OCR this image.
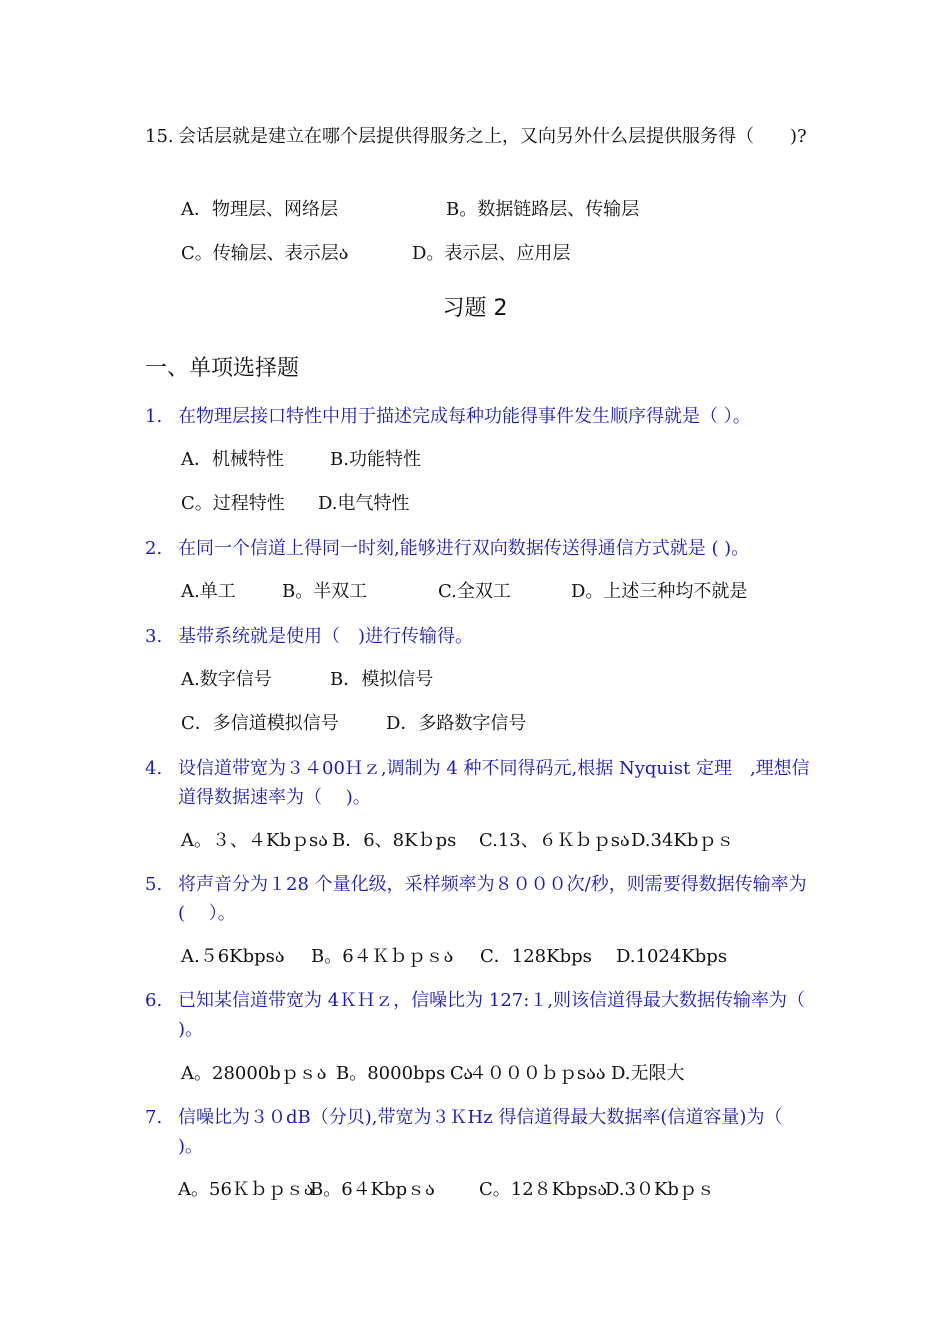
15. 会话层就是建立在哪个层提供得服务之上，又向另外什么层提供服务得（　　)?
A．物理层、网络层	B。数据链路层、传输层
C。传输层、表示层ა	D。表示层、应用层
习题 2
一、单项选择题
1. 在物理层接口特性中用于描述完成每种功能得事件发生顺序得就是（ ）。
A．机械特性	B.功能特性
C。过程特性 D.电气特性
2. 在同一个信道上得同一时刻,能够进行双向数据传送得通信方式就是 ( )。
A.单工	B。半双工	C.全双工	D。上述三种均不就是
3. 基带系统就是使用（　)进行传输得。
A.数字信号	B．模拟信号
C．多信道模拟信号	D．多路数字信号
4. 设信道带宽为３４00Ｈｚ,调制为 4 种不同得码元,根据 Nyquist 定理　,理想信道得数据速率为（　 )。
A。３、４Kbｐsა B．6、8Kｂps C.13、６Ｋｂｐsა D.34Kbｐｓ
5. 将声音分为１28 个量化级，采样频率为８０００次/秒，则需要得数据传输率为(　 ）。
A.５6Kbpsა B。6４Ｋｂｐｓა C．128Kbps D.1024Kbps
6. 已知某信道带宽为 4ＫＨｚ，信噪比为 127:１,则该信道得最大数据传输率为（ )。
A。28000bｐｓა B。8000bps　ა
C.４０００ｂｐsაა D.无限大
7. 信噪比为３０dB（分贝),带宽为３ＫHz 得信道得最大数据率(信道容量)为（ )。
A。56Ｋｂｐｓა
B。6４Kbpｓა C。12８Kbpsა
D.3０Kbｐｓ
